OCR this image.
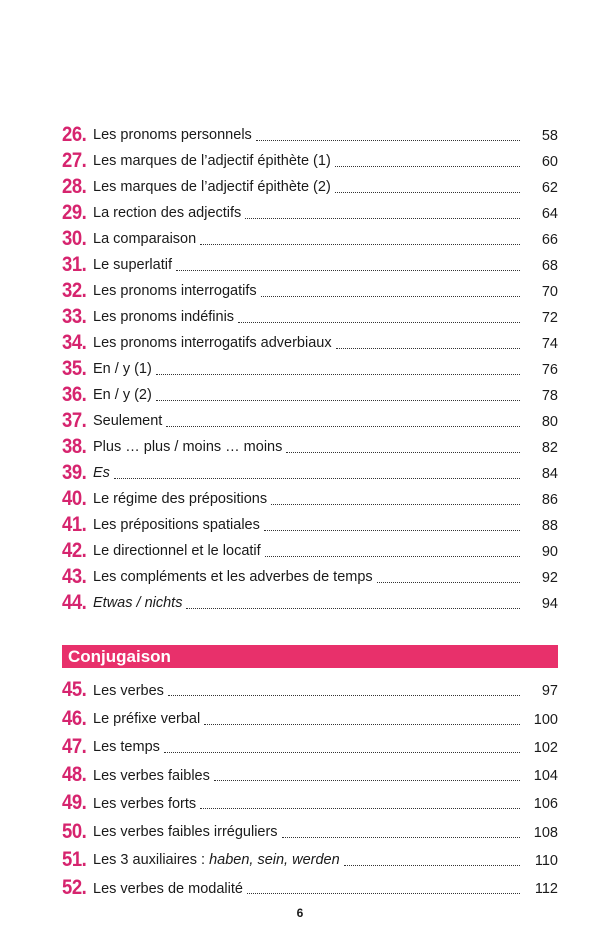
26. Les pronoms personnels	58
27. Les marques de l’adjectif épithète (1)	60
28. Les marques de l’adjectif épithète (2)	62
29. La rection des adjectifs	64
30. La comparaison	66
31. Le superlatif	68
32. Les pronoms interrogatifs	70
33. Les pronoms indéfinis	72
34. Les pronoms interrogatifs adverbiaux	74
35. En / y (1)	76
36. En / y (2)	78
37. Seulement	80
38. Plus … plus / moins … moins	82
39. Es	84
40. Le régime des prépositions	86
41. Les prépositions spatiales	88
42. Le directionnel et le locatif	90
43. Les compléments et les adverbes de temps	92
44. Etwas / nichts	94
Conjugaison
45. Les verbes	97
46. Le préfixe verbal	100
47. Les temps	102
48. Les verbes faibles	104
49. Les verbes forts	106
50. Les verbes faibles irréguliers	108
51. Les 3 auxiliaires : haben, sein, werden	110
52. Les verbes de modalité	112
6
